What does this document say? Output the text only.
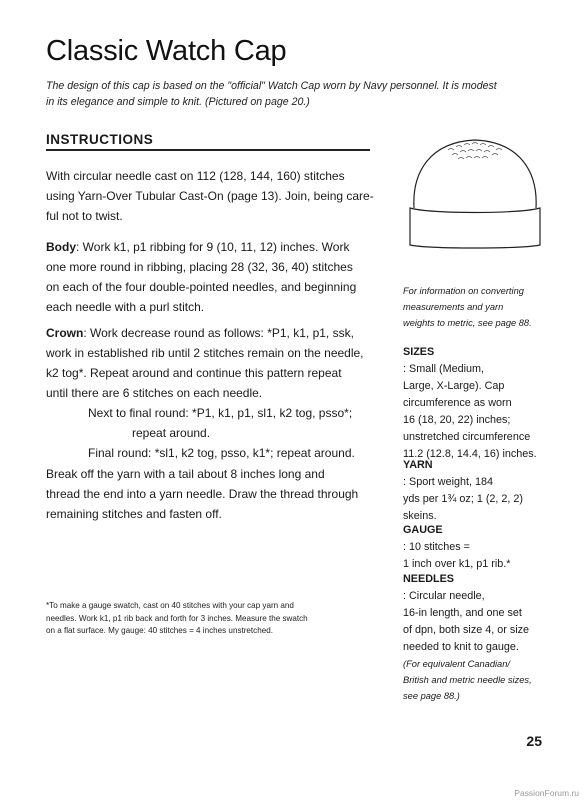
Classic Watch Cap
The design of this cap is based on the "official" Watch Cap worn by Navy personnel. It is modest
in its elegance and simple to knit. (Pictured on page 20.)
INSTRUCTIONS
With circular needle cast on 112 (128, 144, 160) stitches
using Yarn-Over Tubular Cast-On (page 13). Join, being care-
ful not to twist.
Body: Work k1, p1 ribbing for 9 (10, 11, 12) inches. Work
one more round in ribbing, placing 28 (32, 36, 40) stitches
on each of the four double-pointed needles, and beginning
each needle with a purl stitch.
Crown: Work decrease round as follows: *P1, k1, p1, ssk,
work in established rib until 2 stitches remain on the needle,
k2 tog*. Repeat around and continue this pattern repeat
until there are 6 stitches on each needle.
Next to final round: *P1, k1, p1, sl1, k2 tog, psso*;
repeat around.
Final round: *sl1, k2 tog, psso, k1*; repeat around.
Break off the yarn with a tail about 8 inches long and
thread the end into a yarn needle. Draw the thread through
remaining stitches and fasten off.
*To make a gauge swatch, cast on 40 stitches with your cap yarn and
needles. Work k1, p1 rib back and forth for 3 inches. Measure the swatch
on a flat surface. My gauge: 40 stitches = 4 inches unstretched.
For information on converting
measurements and yarn
weights to metric, see page 88.
SIZES
: Small (Medium,
Large, X-Large). Cap
circumference as worn
16 (18, 20, 22) inches;
unstretched circumference
11.2 (12.8, 14.4, 16) inches.
YARN
: Sport weight, 184
yds per 1¾ oz; 1 (2, 2, 2)
skeins.
GAUGE
: 10 stitches =
1 inch over k1, p1 rib.*
NEEDLES
: Circular needle,
16-in length, and one set
of dpn, both size 4, or size
needed to knit to gauge.
(For equivalent Canadian/
British and metric needle sizes,
see page 88.)
25
PassionForum.ru
